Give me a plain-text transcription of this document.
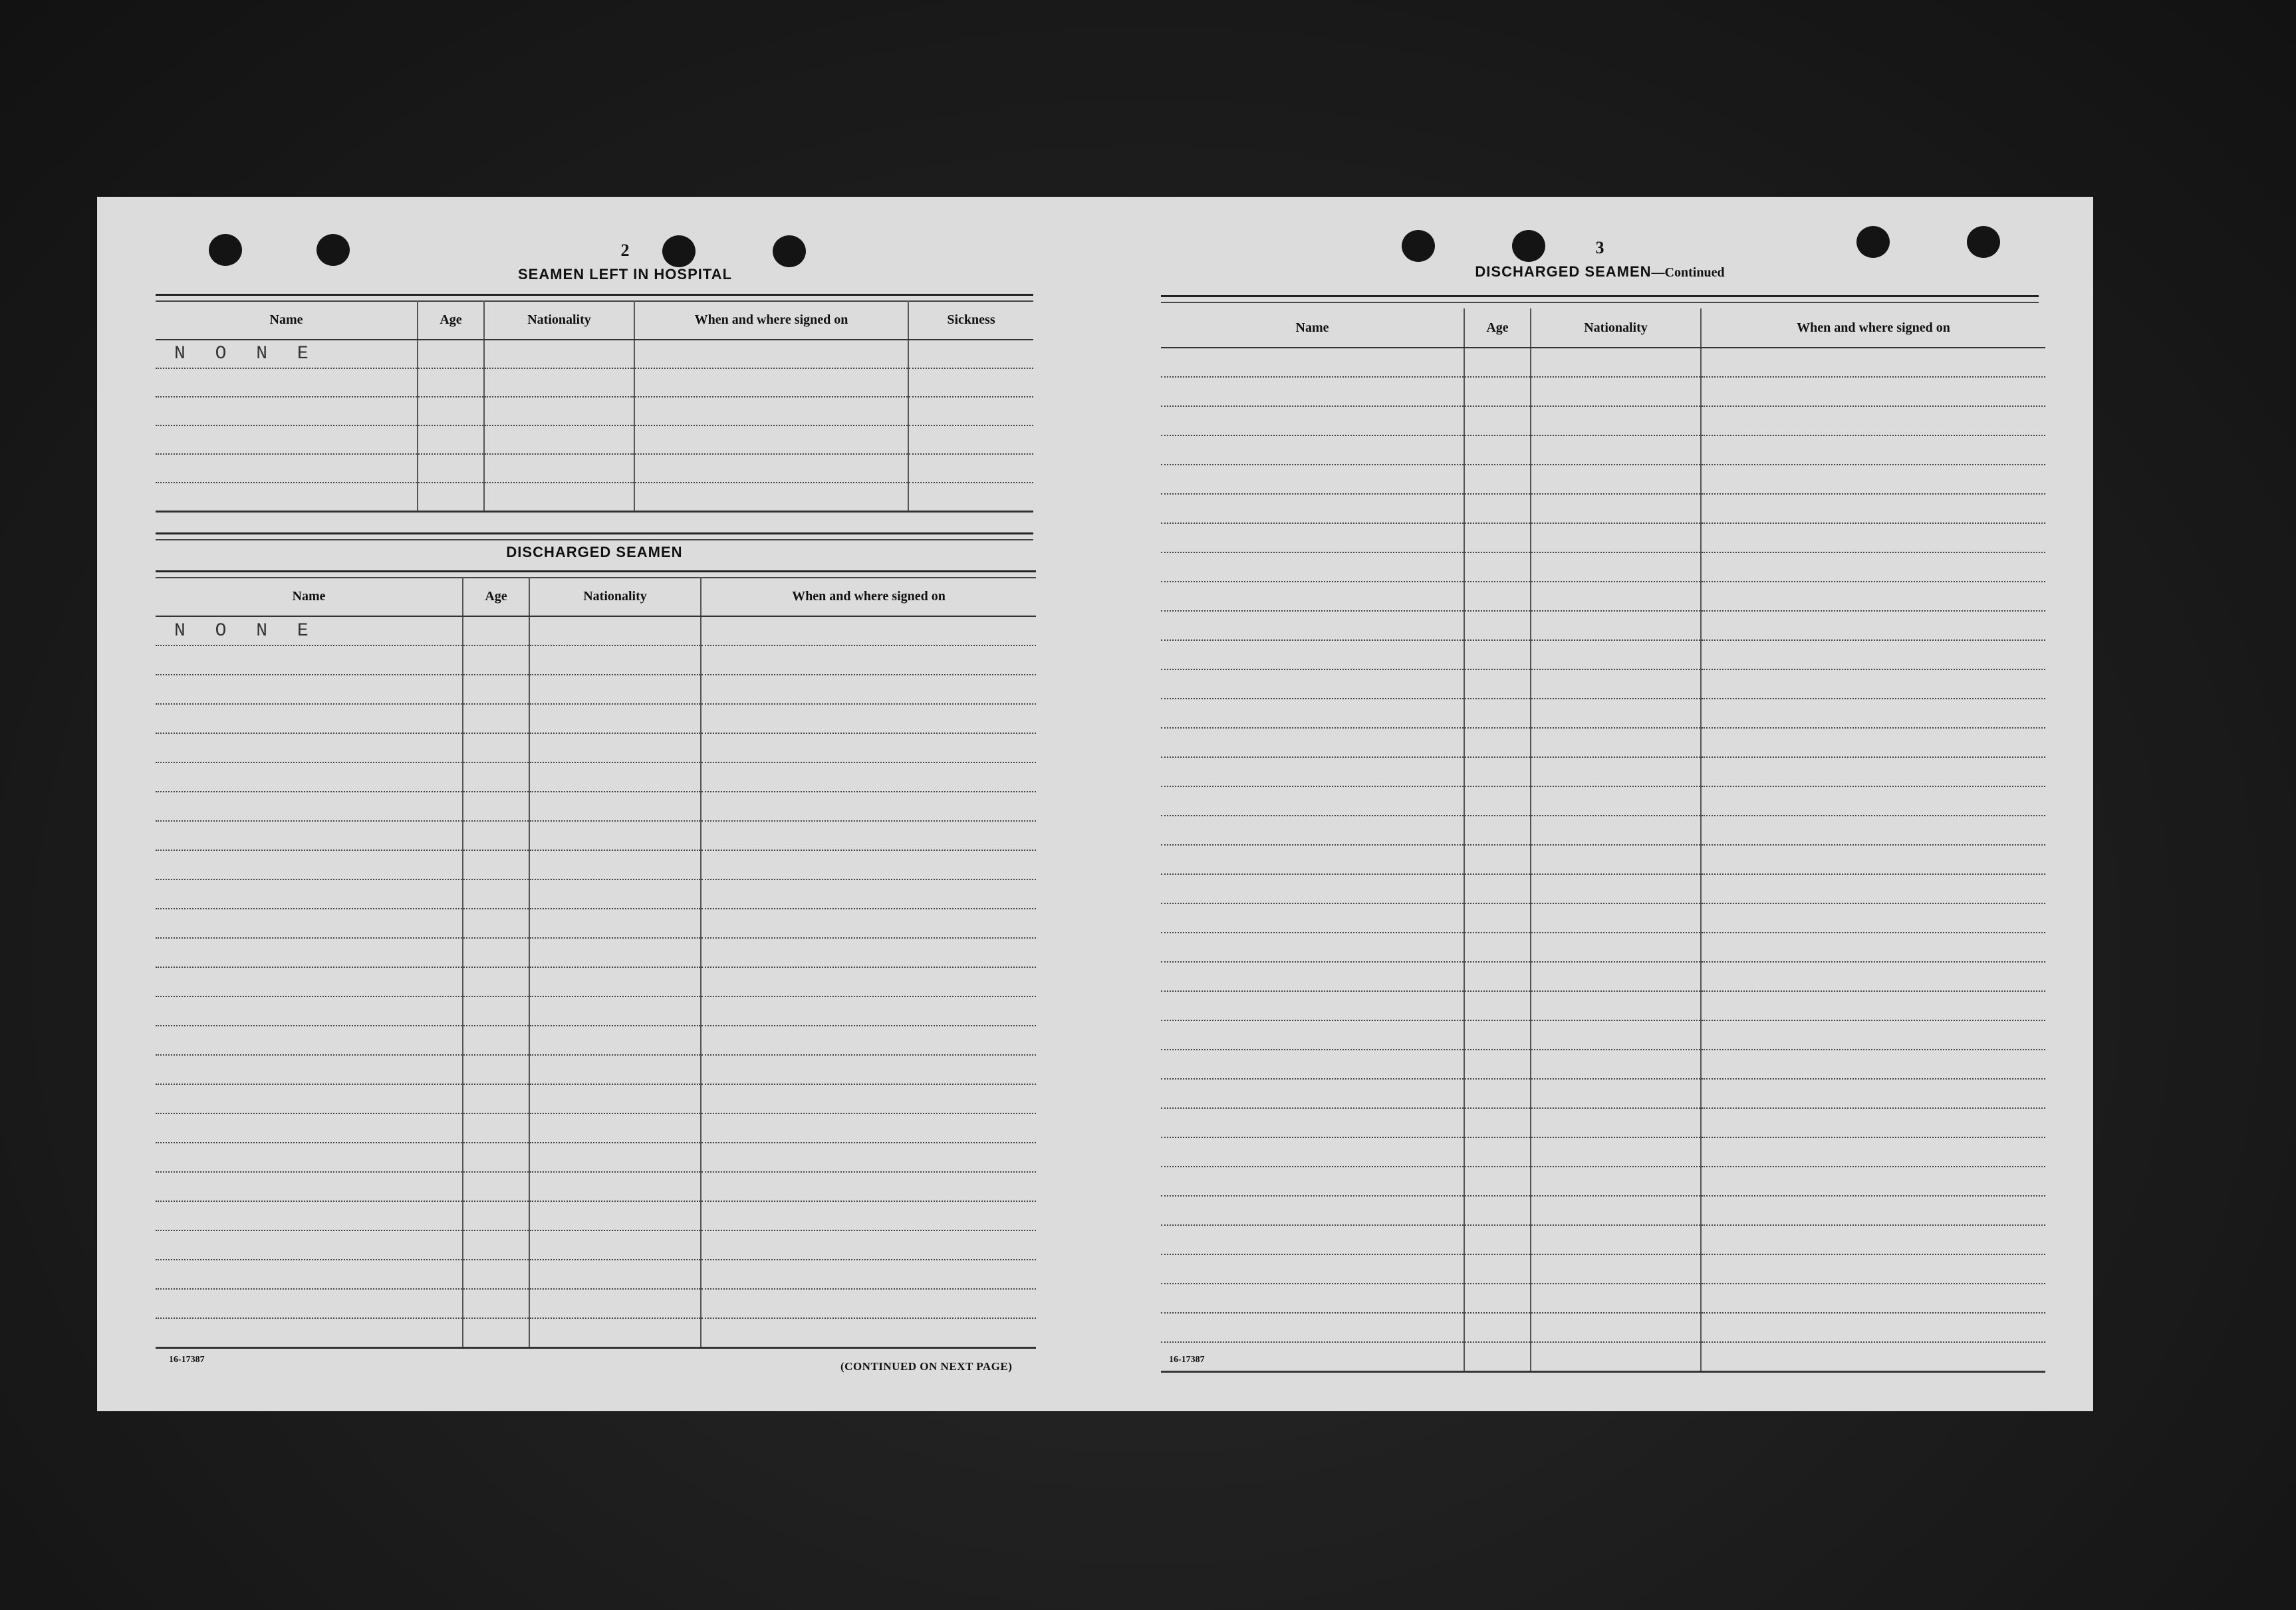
2
SEAMEN LEFT IN HOSPITAL
Name	Age	Nationality	When and where signed on	Sickness
N O N E				

DISCHARGED SEAMEN
Name	Age	Nationality	When and where signed on
N O N E			

16-17387
(CONTINUED ON NEXT PAGE)
3
DISCHARGED SEAMEN—Continued
Name	Age	Nationality	When and where signed on

16-17387
